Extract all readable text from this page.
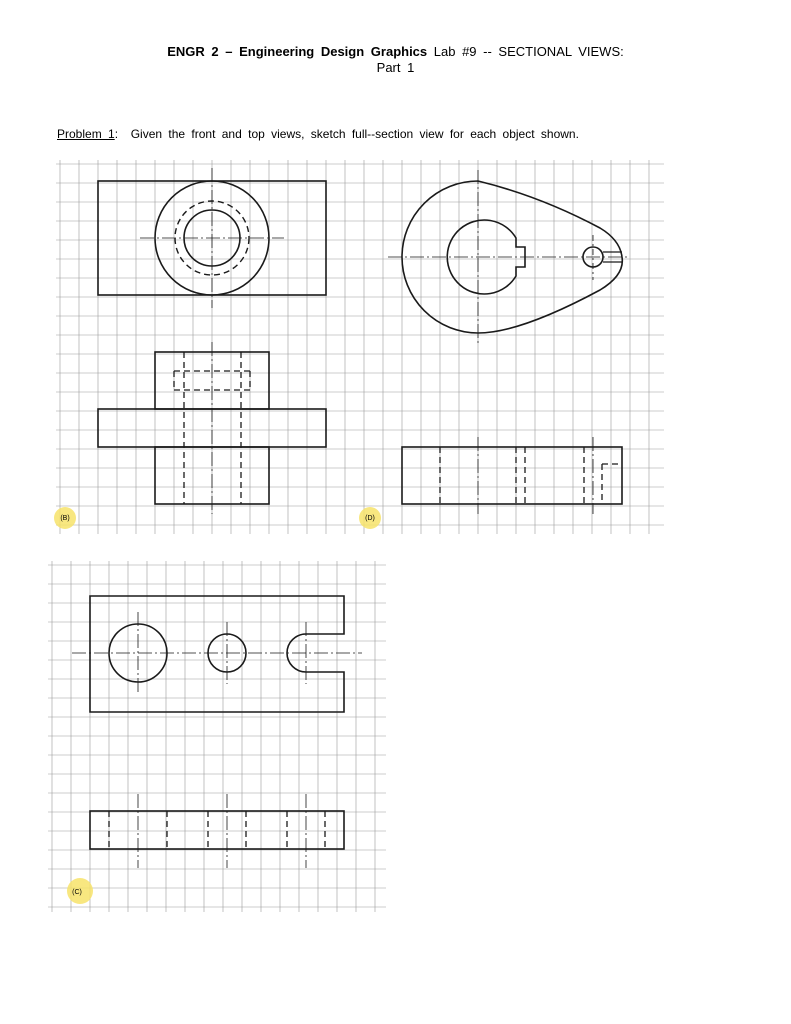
ENGR 2 – Engineering Design Graphics Lab #9 -- SECTIONAL VIEWS:
Part 1
Problem 1: Given the front and top views, sketch full--section view for each object shown.
(B)	(D)
(C)
